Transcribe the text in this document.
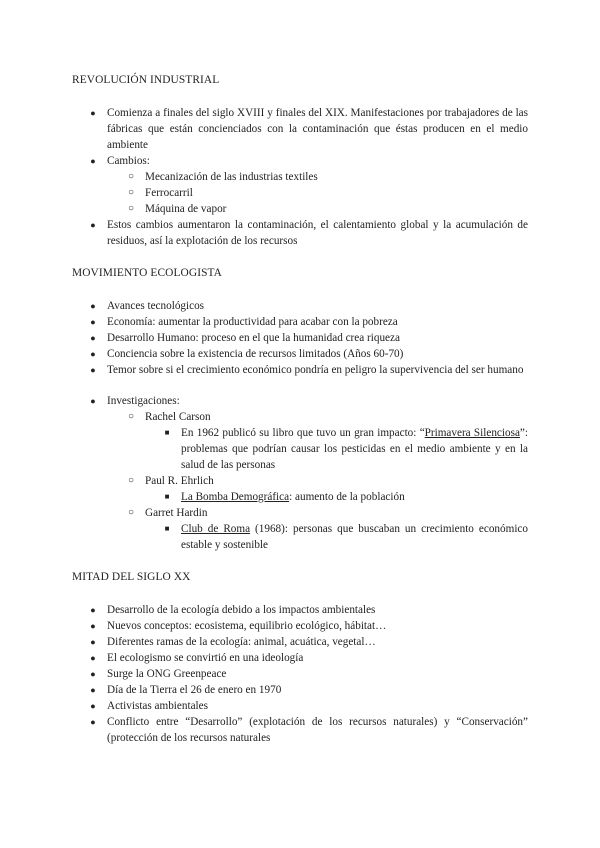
REVOLUCIÓN INDUSTRIAL
● Comienza a finales del siglo XVIII y finales del XIX. Manifestaciones por trabajadores de las fábricas que están concienciados con la contaminación que éstas producen en el medio ambiente
● Cambios:
○ Mecanización de las industrias textiles
○ Ferrocarril
○ Máquina de vapor
● Estos cambios aumentaron la contaminación, el calentamiento global y la acumulación de residuos, así la explotación de los recursos
MOVIMIENTO ECOLOGISTA
● Avances tecnológicos
● Economía: aumentar la productividad para acabar con la pobreza
● Desarrollo Humano: proceso en el que la humanidad crea riqueza
● Conciencia sobre la existencia de recursos limitados (Años 60-70)
● Temor sobre si el crecimiento económico pondría en peligro la supervivencia del ser humano
● Investigaciones:
○ Rachel Carson
■	En 1962 publicó su libro que tuvo un gran impacto: “Primavera Silenciosa”: problemas que podrían causar los pesticidas en el medio ambiente y en la salud de las personas
○ Paul R. Ehrlich
■	La Bomba Demográfica: aumento de la población
○ Garret Hardin
■	Club de Roma (1968): personas que buscaban un crecimiento económico estable y sostenible
MITAD DEL SIGLO XX
● Desarrollo de la ecología debido a los impactos ambientales
● Nuevos conceptos: ecosistema, equilibrio ecológico, hábitat…
● Diferentes ramas de la ecología: animal, acuática, vegetal…
● El ecologismo se convirtió en una ideología
● Surge la ONG Greenpeace
● Día de la Tierra el 26 de enero en 1970
● Activistas ambientales
● Conflicto entre “Desarrollo” (explotación de los recursos naturales) y “Conservación” (protección de los recursos naturales
